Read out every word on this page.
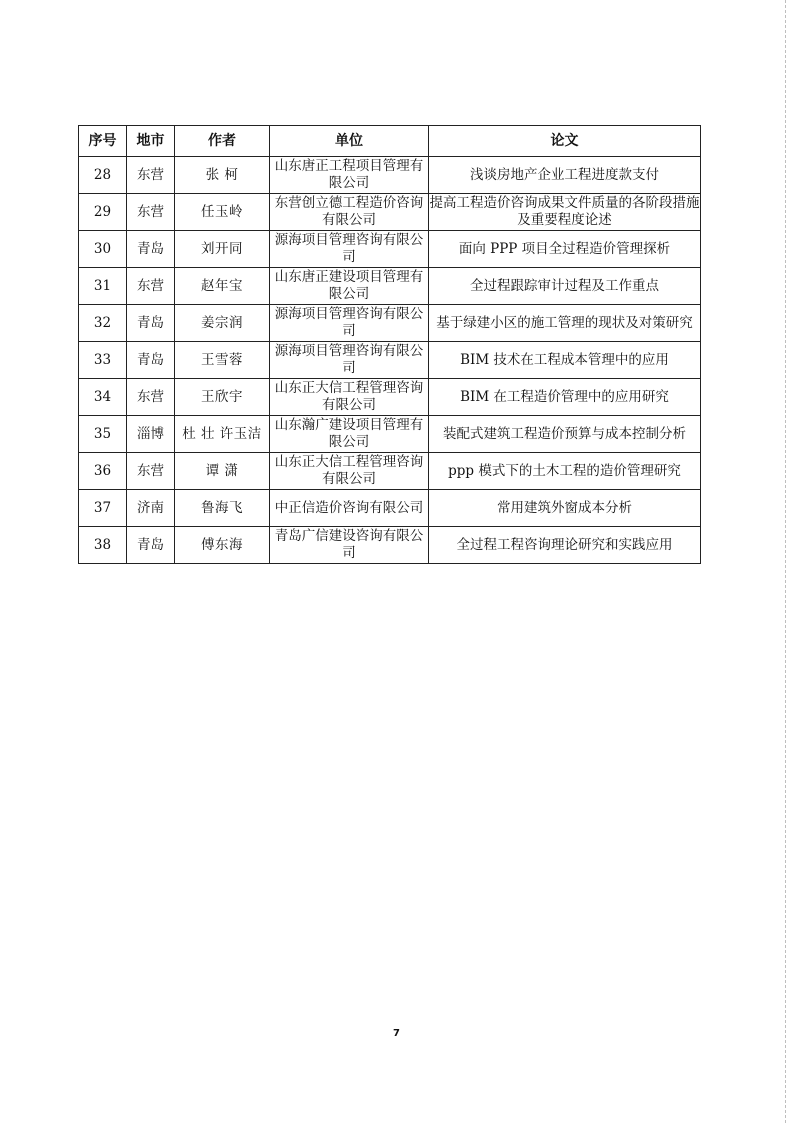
序号	地市	作者	单位	论文
28	东营	张 柯	山东唐正工程项目管理有限公司	浅谈房地产企业工程进度款支付
29	东营	任玉岭	东营创立德工程造价咨询有限公司	提高工程造价咨询成果文件质量的各阶段措施及重要程度论述
30	青岛	刘开同	源海项目管理咨询有限公司	面向 PPP 项目全过程造价管理探析
31	东营	赵年宝	山东唐正建设项目管理有限公司	全过程跟踪审计过程及工作重点
32	青岛	姜宗润	源海项目管理咨询有限公司	基于绿建小区的施工管理的现状及对策研究
33	青岛	王雪蓉	源海项目管理咨询有限公司	BIM 技术在工程成本管理中的应用
34	东营	王欣宇	山东正大信工程管理咨询有限公司	BIM 在工程造价管理中的应用研究
35	淄博	杜 壮 许玉洁	山东瀚广建设项目管理有限公司	装配式建筑工程造价预算与成本控制分析
36	东营	谭 潇	山东正大信工程管理咨询有限公司	ppp 模式下的土木工程的造价管理研究
37	济南	鲁海飞	中正信造价咨询有限公司	常用建筑外窗成本分析
38	青岛	傅东海	青岛广信建设咨询有限公司	全过程工程咨询理论研究和实践应用
7
